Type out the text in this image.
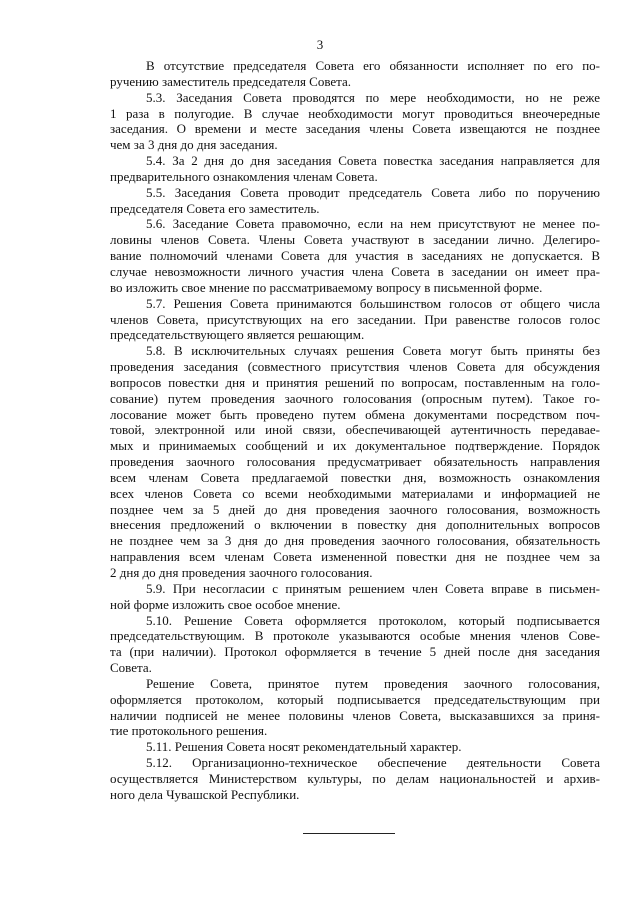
3
В отсутствие председателя Совета его обязанности исполняет по его по-
ручению заместитель председателя Совета.
5.3. Заседания Совета проводятся по мере необходимости, но не реже
1 раза в полугодие. В случае необходимости могут проводиться внеочередные
заседания. О времени и месте заседания члены Совета извещаются не позднее
чем за 3 дня до дня заседания.
5.4. За 2 дня до дня заседания Совета повестка заседания направляется для
предварительного ознакомления членам Совета.
5.5. Заседания Совета проводит председатель Совета либо по поручению
председателя Совета его заместитель.
5.6. Заседание Совета правомочно, если на нем присутствуют не менее по-
ловины членов Совета. Члены Совета участвуют в заседании лично. Делегиро-
вание полномочий членами Совета для участия в заседаниях не допускается. В
случае невозможности личного участия члена Совета в заседании он имеет пра-
во изложить свое мнение по рассматриваемому вопросу в письменной форме.
5.7. Решения Совета принимаются большинством голосов от общего числа
членов Совета, присутствующих на его заседании. При равенстве голосов голос
председательствующего является решающим.
5.8. В исключительных случаях решения Совета могут быть приняты без
проведения заседания (совместного присутствия членов Совета для обсуждения
вопросов повестки дня и принятия решений по вопросам, поставленным на голо-
сование) путем проведения заочного голосования (опросным путем). Такое го-
лосование может быть проведено путем обмена документами посредством поч-
товой, электронной или иной связи, обеспечивающей аутентичность передавае-
мых и принимаемых сообщений и их документальное подтверждение. Порядок
проведения заочного голосования предусматривает обязательность направления
всем членам Совета предлагаемой повестки дня, возможность ознакомления
всех членов Совета со всеми необходимыми материалами и информацией не
позднее чем за 5 дней до дня проведения заочного голосования, возможность
внесения предложений о включении в повестку дня дополнительных вопросов
не позднее чем за 3 дня до дня проведения заочного голосования, обязательность
направления всем членам Совета измененной повестки дня не позднее чем за
2 дня до дня проведения заочного голосования.
5.9. При несогласии с принятым решением член Совета вправе в письмен-
ной форме изложить свое особое мнение.
5.10. Решение Совета оформляется протоколом, который подписывается
председательствующим. В протоколе указываются особые мнения членов Сове-
та (при наличии). Протокол оформляется в течение 5 дней после дня заседания
Совета.
Решение Совета, принятое путем проведения заочного голосования,
оформляется протоколом, который подписывается председательствующим при
наличии подписей не менее половины членов Совета, высказавшихся за приня-
тие протокольного решения.
5.11. Решения Совета носят рекомендательный характер.
5.12. Организационно-техническое обеспечение деятельности Совета
осуществляется Министерством культуры, по делам национальностей и архив-
ного дела Чувашской Республики.
